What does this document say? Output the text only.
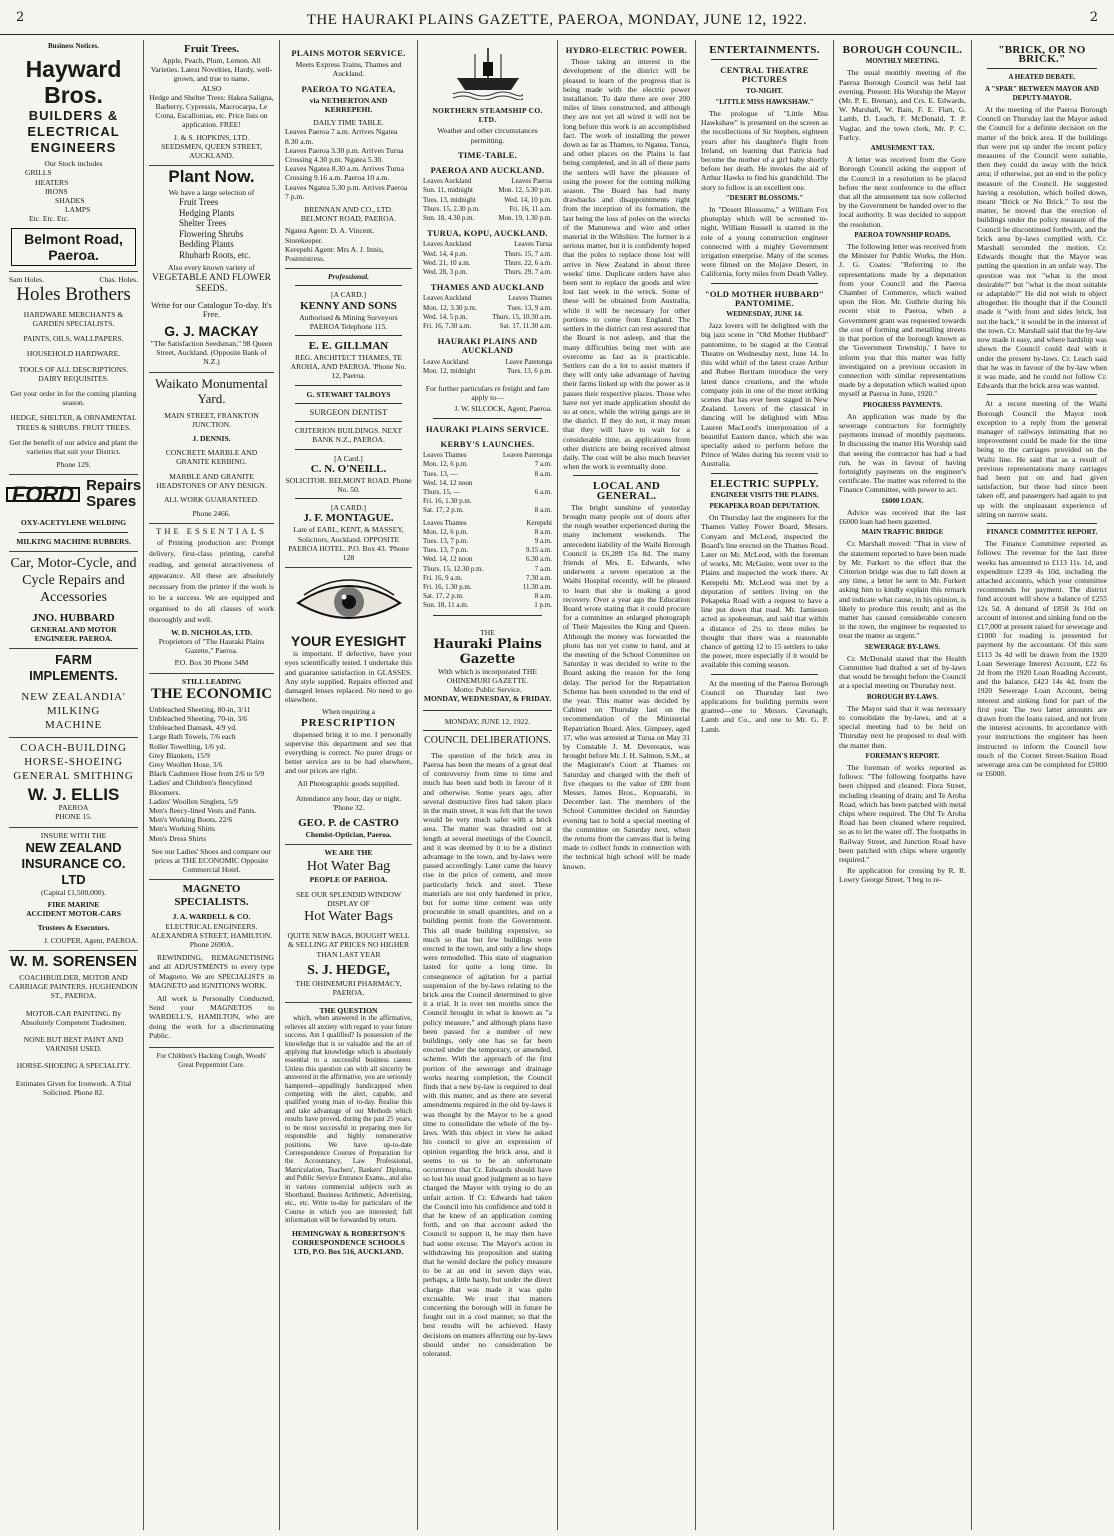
2	THE HAURAKI PLAINS GAZETTE, PAEROA, MONDAY, JUNE 12, 1922.	2
Business Notices.
Hayward Bros.
BUILDERS & ELECTRICAL ENGINEERS
Our Stock includes
GRILLS
HEATERS
IRONS
SHADES
LAMPS
Etc. Etc. Etc.
Belmont Road, Paeroa.
Sam Holes.	Chas. Holes.
Holes Brothers
HARDWARE MERCHANTS & GARDEN SPECIALISTS.
PAINTS, OILS, WALLPAPERS.
HOUSEHOLD HARDWARE.
TOOLS OF ALL DESCRIPTIONS. DAIRY REQUISITES.
Get your order in for the coming planting season.
HEDGE, SHELTER, & ORNAMENTAL TREES & SHRUBS. FRUIT TREES.
Get the benefit of our advice and plant the varieties that suit your District.
Phone 129.
FORD Repairs
Spares
OXY-ACETYLENE WELDING
MILKING MACHINE RUBBERS.
Car, Motor-Cycle, and Cycle Repairs and Accessories
JNO. HUBBARD
GENERAL AND MOTOR ENGINEER. PAEROA.
FARM IMPLEMENTS.
NEW ZEALANDIA'
MILKING
MACHINE
COACH-BUILDING HORSE-SHOEING GENERAL SMITHING
W. J. ELLIS
PAEROA
PHONE 15.
INSURE WITH THE
NEW ZEALAND INSURANCE CO. LTD
(Capital £1,500,000).
FIRE MARINE
ACCIDENT MOTOR-CARS
Trustees & Executors.
J. COUPER, Agent, PAEROA.
W. M. SORENSEN
COACHBUILDER, MOTOR AND CARRIAGE PAINTERS. HUGHENDON ST., PAEROA.
MOTOR-CAR PAINTING. By Absolutely Competent Tradesmen.
NONE BUT BEST PAINT AND VARNISH USED.
HORSE-SHOEING A SPECIALITY.
Estimates Given for Ironwork. A Trial Solicited. Phone 82.
Fruit Trees.
Apple, Peach, Plum, Lemon. All Varieties. Latest Novelties, Hardy, well-grown, and true to name.
ALSO
Hedge and Shelter Trees: Hakea Saligna, Barberry, Cypressis, Macrocarpa, Le Coma, Escallonias, etc. Price lists on application. FREE!
J. & S. HOPKINS, LTD.
SEEDSMEN, QUEEN STREET, AUCKLAND.
Plant Now.
We have a large selection of
Fruit Trees
Hedging Plants
Shelter Trees
Flowering Shrubs
Bedding Plants
Rhubarb Roots, etc.
Also every known variety of
VEGETABLE AND FLOWER SEEDS.
Write for our Catalogue To-day. It's Free.
G. J. MACKAY
"The Satisfaction Seedsman," 98 Queen Street, Auckland. (Opposite Bank of N.Z.)
Waikato Monumental Yard.
MAIN STREET, FRANKTON JUNCTION.
J. DENNIS.
CONCRETE MARBLE AND GRANITE KERBING.
MARBLE AND GRANITE HEADSTONES OF ANY DESIGN.
ALL WORK GUARANTEED.
Phone 2466.
THE ESSENTIALS
of Printing production are: Prompt delivery, first-class printing, careful reading, and general attractiveness of appearance. All these are absolutely necessary from the printer if the work is to be a success. We are equipped and organised to do all classes of work thoroughly and well.
W. D. NICHOLAS, LTD.
Proprietors of "The Hauraki Plains Gazette," Paeroa.
P.O. Box 30 Phone 34M
STILL LEADING
THE ECONOMIC
Unbleached Sheeting, 80-in, 3/11
Unbleached Sheeting, 70-in, 3/6
Unbleached Damask, 4/9 yd.
Large Bath Towels, 7/6 each
Roller Towelling, 1/6 yd.
Grey Blankets, 15/9
Grey Woollen Hose, 3/6
Black Cashmere Hose from 2/6 to 5/9
Ladies' and Children's fleecylined Bloomers.
Ladies' Woollen Singlets, 5/9
Men's fleecy-lined Vests and Pants.
Men's Working Boots, 22/6
Men's Working Shirts
Men's Dress Shirts
See our Ladies' Shoes and compare our prices at THE ECONOMIC Opposite Commercial Hotel.
MAGNETO SPECIALISTS.
J. A. WARDELL & CO.
ELECTRICAL ENGINEERS. ALEXANDRA STREET, HAMILTON. Phone 2690A.
REWINDING, REMAGNETISING and all ADJUSTMENTS to every type of Magneto. We are SPECIALISTS in MAGNETO and IGNITIONS WORK.
All work is Personally Conducted. Send your MAGNETOS to WARDELL'S, HAMILTON, who are doing the work for a discriminating Public.
For Children's Hacking Cough, Woods' Great Peppermint Cure.
PLAINS MOTOR SERVICE.
Meets Express Trains, Thames and Auckland.
PAEROA TO NGATEA,
via NETHERTON AND KERREPEHI.
DAILY TIME TABLE.
Leaves Paeroa 7 a.m. Arrives Ngatea 8.30 a.m.
Leaves Paeroa 3.30 p.m. Arrives Turua Crossing 4.30 p.m. Ngatea 5.30.
Leaves Ngatea 8.30 a.m. Arrives Turua Crossing 9.16 a.m. Paeroa 10 a.m.
Leaves Ngatea 5.30 p.m. Arrives Paeroa 7 p.m.
BRENNAN AND CO., LTD. BELMONT ROAD, PAEROA.
Ngatea Agent: D. A. Vincent, Storekeeper.
Kerepehi Agent: Mrs A. J. Innis, Postmistress.
Professional.
[A CARD.]
KENNY AND SONS
Authorised & Mining Surveyors PAEROA Telephone 115.
E. E. GILLMAN
REG. ARCHITECT THAMES, TE AROHA, AND PAEROA. 'Phone No. 12, Paeroa.
G. STEWART TALBOYS
SURGEON DENTIST
CRITERION BUILDINGS. NEXT BANK N.Z., PAEROA.
[A Card.]
C. N. O'NEILL.
SOLICITOR. BELMONT ROAD. Phone No. 50.
[A CARD.]
J. F. MONTAGUE.
Late of EARL, KENT, & MASSEY, Solicitors, Auckland. OPPOSITE PAEROA HOTEL. P.O. Box 43. 'Phone 128
YOUR EYESIGHT
is important. If defective, have your eyes scientifically tested. I undertake this and guarantee satisfaction in GLASSES. Any style supplied. Repairs effected and damaged lenses replaced. No need to go elsewhere.
When requiring a
PRESCRIPTION
dispensed bring it to me. I personally supervise this department and see that everything is correct. No purer drugs or better service are to be had elsewhere, and our prices are right.
All Photographic goods supplied.
Attendance any hour, day or night. 'Phone 32.
GEO. P. de CASTRO
Chemist-Optician, Paeroa.
WE ARE THE
Hot Water Bag
PEOPLE OF PAEROA.
SEE OUR SPLENDID WINDOW DISPLAY OF
Hot Water Bags
QUITE NEW BAGS, BOUGHT WELL & SELLING AT PRICES NO HIGHER THAN LAST YEAR
S. J. HEDGE,
THE OHINEMURI PHARMACY, PAEROA.
THE QUESTION
which, when answered in the affirmative, relieves all anxiety with regard to your future success. Am I qualified? Is possession of the knowledge that is so valuable and the art of applying that knowledge which is absolutely essential to a successful business career. Unless this question can with all sincerity be answered in the affirmative, you are seriously hampered—appallingly handicapped when competing with the alert, capable, and qualified young man of to-day. Realise this and take advantage of our Methods which results have proved, during the past 25 years, to be most successful in preparing men for responsible and highly remunerative positions. We have up-to-date Correspondence Courses of Preparation for the Accountancy, Law Professional, Matriculation, Teachers', Bankers' Diploma, and Public Service Entrance Exams., and also in various commercial subjects such as Shorthand, Business Arithmetic, Advertising, etc., etc. Write to-day for particulars of the Course in which you are interested; full information will be forwarded by return.
HEMINGWAY & ROBERTSON'S CORRESPONDENCE SCHOOLS LTD, P.O. Box 516, AUCKLAND.
NORTHERN STEAMSHIP CO. LTD.
Weather and other circumstances permitting.
TIME-TABLE.
PAEROA AND AUCKLAND.
Leaves Auckland	Leaves Paeroa
Sun. 11, midnight	Mon. 12, 5.30 p.m.
Tues. 13, midnight	Wed. 14, 10 p.m.
Thurs. 15, 2.30 p.m.	Fri. 16, 11 a.m.
Sun. 18, 4.30 p.m.	Mon. 19, 1.30 p.m.
TURUA, KOPU, AUCKLAND.
Leaves Auckland	Leaves Turua
Wed. 14, 4 p.m.	Thurs. 15, 7 a.m.
Wed. 21, 10 a.m.	Thurs. 22, 6 a.m.
Wed. 28, 3 p.m.	Thurs. 29, 7 a.m.
THAMES AND AUCKLAND
Leaves Auckland	Leaves Thames
Mon. 12, 3.30 p.m.	Tues. 13, 9 a.m.
Wed. 14, 5 p.m.	Thurs. 15, 10.30 a.m.
Fri. 16, 7.30 a.m.	Sat. 17, 11.30 a.m.
HAURAKI PLAINS AND AUCKLAND
Leave Auckland	Leave Patetonga
Mon. 12, midnight	Tues. 13, 6 p.m.
For further particulars re freight and fare apply to—
J. W. SILCOCK, Agent, Paeroa.
HAURAKI PLAINS SERVICE.
KERBY'S LAUNCHES.
Leaves Thames	Leaves Patetonga
Mon. 12, 6 p.m.	7 a.m.
Tues. 13, —	8 a.m.
Wed. 14, 12 noon
Thurs. 15, —	6 a.m.
Fri. 16, 1.30 p.m.
Sat. 17, 2 p.m.	8 a.m.
Leaves Thames	Kerepehi
Mon. 12, 6 p.m.	8 a.m.
Tues. 13, 7 p.m.	9 a.m.
Tues. 13, 7 p.m.	9.15 a.m.
Wed. 14, 12 noon	6.30 a.m.
Thurs. 15, 12.30 p.m.	7 a.m.
Fri. 16, 9 a.m.	7.30 a.m.
Fri. 16, 1.30 p.m.	11.30 a.m.
Sat. 17, 2 p.m.	8 a.m.
Sun. 18, 11 a.m.	1 p.m.
THE
Hauraki Plains Gazette
With which is incorporated THE OHINEMURI GAZETTE.
Motto: Public Service.
MONDAY, WEDNESDAY, & FRIDAY.
MONDAY, JUNE 12, 1922.
COUNCIL DELIBERATIONS.
The question of the brick area in Paeroa has been the means of a great deal of controversy from time to time and much has been said both in favour of it and otherwise. Some years ago, after several destructive fires had taken place in the main street, it was felt that the town would be very much safer with a brick area. The matter was thrashed out at length at several meetings of the Council, and it was deemed by it to be a distinct advantage to the town, and by-laws were passed accordingly. Later came the heavy rise in the price of cement, and more particularly brick and steel. These materials are not only hardened in price, but for some time cement was only procurable in small quantities, and on a building permit from the Government. This all made building expensive, so much so that but few buildings were erected in the town, and only a few shops were remodelled. This state of stagnation lasted for quite a long time. In consequence of agitation for a partial suspension of the by-laws relating to the brick area the Council determined to give it a trial. It is over ten months since the Council brought in what is known as "a policy measure," and although plans have been passed for a number of new buildings, only one has so far been erected under the temporary, or amended, scheme. With the approach of the first portion of the sewerage and drainage works nearing completion, the Council finds that a new by-law is required to deal with this matter, and as there are several amendments required in the old by-laws it was thought by the Mayor to be a good time to consolidate the whole of the by-laws. With this object in view he asked his council to give an expression of opinion regarding the brick area, and it seems to us to be an unfortunate occurrence that Cr. Edwards should have so lost his usual good judgment as to have charged the Mayor with trying to do an unfair action. If Cr. Edwards had taken the Council into his confidence and told it that he knew of an application coming forth, and on that account asked the Council to support it, he may then have had some excuse. The Mayor's action in withdrawing his proposition and stating that he would declare the policy measure to be at an end in seven days was, perhaps, a little hasty, but under the direct charge that was made it was quite excusable. We trust that matters concerning the borough will in future be fought out in a cool manner, so that the best results will be achieved. Hasty decisions on matters affecting our by-laws should under no consideration be tolerated.
HYDRO-ELECTRIC POWER.
Those taking an interest in the development of the district will be pleased to learn of the progress that is being made with the electric power installation. To date there are over 200 miles of lines constructed, and although they are not yet all wired it will not be long before this work is an accomplished fact. The work of installing the power down as far as Thames, to Ngatea, Turua, and other places on the Plains is fast being completed, and in all of these parts the settlers will have the pleasure of using the power for the coming milking season. The Board has had many drawbacks and disappointments right from the inception of its formation, the last being the loss of poles on the wrecks of the Manurewa and wire and other material in the Wiltshire. The former is a serious matter, but it is confidently hoped that the poles to replace those lost will arrive in New Zealand in about three weeks' time. Duplicate orders have also been sent to replace the goods and wire lost last week in the wreck. Some of these will be obtained from Australia, while it will be necessary for other portions to come from England. The settlers in the district can rest assured that the Board is not asleep, and that the many difficulties being met with are overcome as fast as is practicable. Settlers can do a lot to assist matters if they will only take advantage of having their farms linked up with the power as it passes their respective places. Those who have not yet made application should do so at once, while the wiring gangs are in the district. If they do not, it may mean that they will have to wait for a considerable time, as applications from other districts are being received almost daily. The cost will be also much heavier when the work is eventually done.
LOCAL AND GENERAL.
The bright sunshine of yesterday brought many people out of doors after the rough weather experienced during the many inclement weekends. The antecedent liability of the Waihi Borough Council is £6,289 15s 8d. The many friends of Mrs. E. Edwards, who underwent a severe operation at the Waihi Hospital recently, will be pleased to learn that she is making a good recovery. Over a year ago the Education Board wrote stating that it could procure for a committee an enlarged photograph of Their Majesties the King and Queen. Although the money was forwarded the photo has not yet come to hand, and at the meeting of the School Committee on Saturday it was decided to write to the Board asking the reason for the long delay. The period for the Repatriation Scheme has been extended to the end of the year. This matter was decided by Cabinet on Thursday last on the recommendation of the Ministerial Repatriation Board. Alex. Gimpsey, aged 17, who was arrested at Turua on May 31 by Constable J. M. Devereaux, was brought before Mr. J. H. Salmon, S.M., at the Magistrate's Court at Thames on Saturday and charged with the theft of five cheques to the value of £80 from Messrs. James Bros., Kopuarahi, in December last. The members of the School Committee decided on Saturday evening last to hold a special meeting of the committee on Saturday next, when the returns from the canvass that is being made to collect funds in connection with the technical high school will be made known.
ENTERTAINMENTS.
CENTRAL THEATRE PICTURES
TO-NIGHT.
"LITTLE MISS HAWKSHAW."
The prologue of "Little Miss Hawkshaw" is presented on the screen as the recollections of Sir Stephen, eighteen years after his daughter's flight from Ireland, on learning that Patricia had become the mother of a girl baby shortly before her death. He invokes the aid of Arthur Hawks to find his grandchild. The story to follow is an excellent one.
"DESERT BLOSSOMS."
In "Desert Blossoms," a William Fox photoplay which will be screened to-night, William Russell is starred in the role of a young construction engineer connected with a mighty Government irrigation enterprise. Many of the scenes were filmed on the Mojave Desert, in California, forty miles from Death Valley.
"OLD MOTHER HUBBARD" PANTOMIME.
WEDNESDAY, JUNE 14.
Jazz lovers will be delighted with the big jazz scene in "Old Mother Hubbard" pantomime, to be staged at the Central Theatre on Wednesday next, June 14. In this wild whirl of the latest craze Arthur and Rubee Bertram introduce the very latest dance creations, and the whole company join in one of the most striking scenes that has ever been staged in New Zealand. Lovers of the classical in dancing will be delighted with Miss Lauren MacLeod's interpretation of a beautiful Eastern dance, which she was specially asked to perform before the Prince of Wales during his recent visit to Australia.
ELECTRIC SUPPLY.
ENGINEER VISITS THE PLAINS.
PEKAPEKA ROAD DEPUTATION.
On Thursday last the engineers for the Thames Valley Power Board, Messrs. Conyam and McLeod, inspected the Board's line erected on the Thames Road. Later on Mr. McLeod, with the foreman of works, Mr. McGuire, went over to the Plains and inspected the work there. At Kerepehi Mr. McLeod was met by a deputation of settlers living on the Pekapeka Road with a request to have a line put down that road. Mr. Jamieson acted as spokesman, and said that within a distance of 2½ to three miles he thought that there was a reasonable chance of getting 12 to 15 settlers to take the power, more especially if it would be available this coming season.
At the meeting of the Paeroa Borough Council on Thursday last two applications for building permits were granted—one to Messrs. Cavanagh, Lamb and Co., and one to Mr. G. P. Lamb.
BOROUGH COUNCIL.
MONTHLY MEETING.
The usual monthly meeting of the Paeroa Borough Council was held last evening. Present: His Worship the Mayor (Mr. P. E. Brenan), and Crs. E. Edwards, W. Marshall, W. Bain, F. E. Flatt, G. Lamb, D. Leach, F. McDonald, T. P. Vuglar, and the town clerk, Mr. P. C. Furlcy.
AMUSEMENT TAX.
A letter was received from the Gore Borough Council asking the support of the Council in a resolution to be placed before the next conference to the effect that all the amusement tax now collected by the Government be handed over to the local authority. It was decided to support the resolution.
PAEROA TOWNSHIP ROADS.
The following letter was received from the Minister for Public Works, the Hon. J. G. Coates: "Referring to the representations made by a deputation from your Council and the Paeroa Chamber of Commerce, which waited upon the Hon. Mr. Guthrie during his recent visit to Paeroa, when a Government grant was requested towards the cost of forming and metalling streets in that portion of the borough known as the 'Government Township,' I have to inform you that this matter was fully investigated on a previous occasion in connection with similar representations made by a deputation which waited upon myself at Paeroa in June, 1920."
PROGRESS PAYMENTS.
An application was made by the sewerage contractors for fortnightly payments instead of monthly payments. In discussing the matter His Worship said that seeing the contractor has had a bad run, he was in favour of having fortnightly payments on the engineer's certificate. The matter was referred to the Finance Committee, with power to act.
£6000 LOAN.
Advice was received that the last £6000 loan had been gazetted.
MAIN TRAFFIC BRIDGE
Cr. Marshall moved: "That in view of the statement reported to have been made by Mr. Furkert to the effect that the Criterion bridge was due to fall down at any time, a letter be sent to Mr. Furkert asking him to kindly explain this remark and indicate what cause, in his opinion, is likely to produce this result; and as the matter has caused considerable concern in the town, the engineer be requested to treat the matter as urgent."
SEWERAGE BY-LAWS.
Cr. McDonald stated that the Health Committee had drafted a set of by-laws that would be brought before the Council at a special meeting on Thursday next.
BOROUGH BY-LAWS.
The Mayor said that it was necessary to consolidate the by-laws, and at a special meeting had to be held on Thursday next he proposed to deal with the matter then.
FOREMAN'S REPORT.
The foreman of works reported as follows: "The following footpaths have been chipped and cleaned: Flora Street, including cleaning of drain; and Te Aroha Road, which has been patched with metal chips where required. The Old Te Aroha Road has been cleaned where required, so as to let the water off. The footpaths in Railway Street, and Junction Road have been patched with chips where urgently required."
Re application for crossing by R. R. Lowry George Street, 'I beg to re-
"BRICK, OR NO BRICK."
A HEATED DEBATE.
A "SPAR" BETWEEN MAYOR AND DEPUTY-MAYOR.
At the meeting of the Paeroa Borough Council on Thursday last the Mayor asked the Council for a definite decision on the matter of the brick area. If the buildings that were put up under the recent policy measures of the Council were suitable, then they could do away with the brick area; if otherwise, put an end to the policy measure of the Council. He suggested having a resolution, which boiled down, meant "Brick or No Brick." To test the matter, he moved that the erection of buildings under the policy measure of the Council be discontinued forthwith, and the brick area by-laws complied with. Cr. Marshall seconded the motion. Cr. Edwards thought that the Mayor was putting the question in an unfair way. The question was not "what is the most desirable?" but "what is the most suitable or adaptable?" He did not wish to object altogether. He thought that if the Council made it "with front and sides brick, but not the back," it would be in the interest of the town. Cr. Marshall said that the by-law now made it easy, and where hardship was shown the Council could deal with it under the present by-laws. Cr. Leach said that he was in favour of the by-law when it was made, and he could not follow Cr. Edwards that the brick area was wanted.
At a recent meeting of the Waihi Borough Council the Mayor took exception to a reply from the general manager of railways intimating that no improvement could be made for the time being to the carriages provided on the Waihi line. He said that as a result of previous representations many carriages had been put on and had given satisfaction, but these had since been taken off, and passengers had again to put up with the unpleasant experience of sitting on narrow seats.
FINANCE COMMITTEE REPORT.
The Finance Committee reported as follows: The revenue for the last three weeks has amounted to £113 11s. 1d, and expenditure £239 4s 10d, including the attached accounts, which your committee recommends for payment. The district fund account will show a balance of £255 12s 5d. A demand of £858 3s 10d on account of interest and sinking fund on the £17,000 at present raised for sewerage and £1000 for roading is presented for payment by the accountant. Of this sum £113 3s 4d will be drawn from the 1920 Loan Sewerage Interest Account, £22 6s 2d from the 1920 Loan Roading Account, and the balance, £423 14s 4d, from the 1920 Sewerage Loan Account, being interest and sinking fund for part of the first year. The two latter amounts are drawn from the loans raised, and not from the interest accounts. In accordance with your instructions the engineer has been instructed to inform the Council how much of the Cornet Street-Station Road sewerage area can be completed for £5000 or £6000.
